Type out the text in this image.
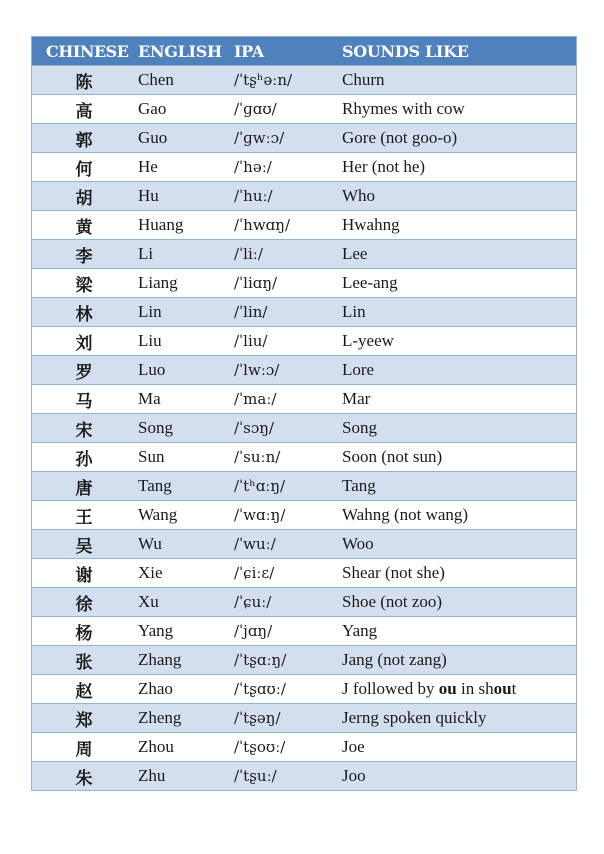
CHINESE ENGLISH IPA	SOUNDS LIKE
陈	Chen	/ˈtʂʰəːn/	Churn
高	Gao	/ˈɡɑʊ/	Rhymes with cow
郭	Guo	/ˈɡwːɔ/	Gore (not goo-o)
何	He	/ˈhəː/	Her (not he)
胡	Hu	/ˈhuː/	Who
黄	Huang	/ˈhwɑŋ/	Hwahng
李	Li	/ˈliː/	Lee
梁	Liang	/ˈliɑŋ/	Lee-ang
林	Lin	/ˈlin/	Lin
刘	Liu	/ˈliu/	L-yeew
罗	Luo	/ˈlwːɔ/	Lore
马	Ma	/ˈmaː/	Mar
宋	Song	/ˈsɔŋ/	Song
孙	Sun	/ˈsuːn/	Soon (not sun)
唐	Tang	/ˈtʰɑːŋ/	Tang
王	Wang	/ˈwɑːŋ/	Wahng (not wang)
吴	Wu	/ˈwuː/	Woo
谢	Xie	/ˈɕiːɛ/	Shear (not she)
徐	Xu	/ˈɕuː/	Shoe (not zoo)
杨	Yang	/ˈjɑŋ/	Yang
张	Zhang	/ˈtʂɑːŋ/	Jang (not zang)
赵	Zhao	/ˈtʂɑʊː/	J followed by ou in shout
郑	Zheng	/ˈtʂəŋ/	Jerng spoken quickly
周	Zhou	/ˈtʂoʊː/	Joe
朱	Zhu	/ˈtʂuː/	Joo
